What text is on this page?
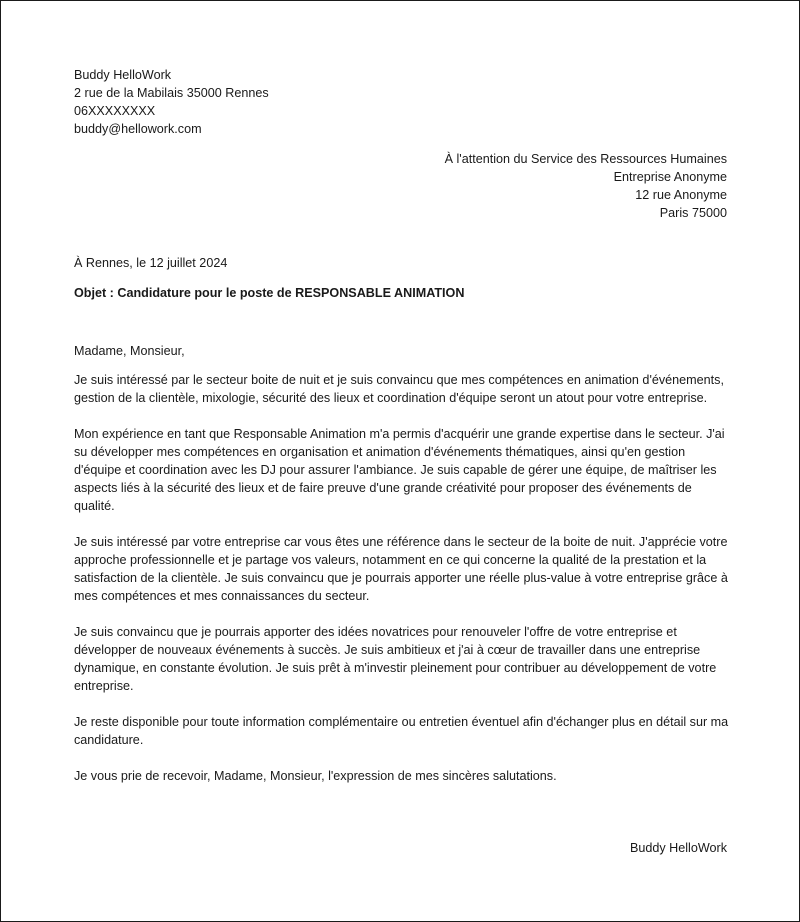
Buddy HelloWork
2 rue de la Mabilais 35000 Rennes
06XXXXXXXX
buddy@hellowork.com
À l'attention du Service des Ressources Humaines
Entreprise Anonyme
12 rue Anonyme
Paris 75000
À Rennes, le 12 juillet 2024
Objet : Candidature pour le poste de RESPONSABLE ANIMATION
Madame, Monsieur,

Je suis intéressé par le secteur boite de nuit et je suis convaincu que mes compétences en animation d'événements, gestion de la clientèle, mixologie, sécurité des lieux et coordination d'équipe seront un atout pour votre entreprise.

Mon expérience en tant que Responsable Animation m'a permis d'acquérir une grande expertise dans le secteur. J'ai su développer mes compétences en organisation et animation d'événements thématiques, ainsi qu'en gestion d'équipe et coordination avec les DJ pour assurer l'ambiance. Je suis capable de gérer une équipe, de maîtriser les aspects liés à la sécurité des lieux et de faire preuve d'une grande créativité pour proposer des événements de qualité.

Je suis intéressé par votre entreprise car vous êtes une référence dans le secteur de la boite de nuit. J'apprécie votre approche professionnelle et je partage vos valeurs, notamment en ce qui concerne la qualité de la prestation et la satisfaction de la clientèle. Je suis convaincu que je pourrais apporter une réelle plus-value à votre entreprise grâce à mes compétences et mes connaissances du secteur.

Je suis convaincu que je pourrais apporter des idées novatrices pour renouveler l'offre de votre entreprise et développer de nouveaux événements à succès. Je suis ambitieux et j'ai à cœur de travailler dans une entreprise dynamique, en constante évolution. Je suis prêt à m'investir pleinement pour contribuer au développement de votre entreprise.

Je reste disponible pour toute information complémentaire ou entretien éventuel afin d'échanger plus en détail sur ma candidature.

Je vous prie de recevoir, Madame, Monsieur, l'expression de mes sincères salutations.

Buddy HelloWork
